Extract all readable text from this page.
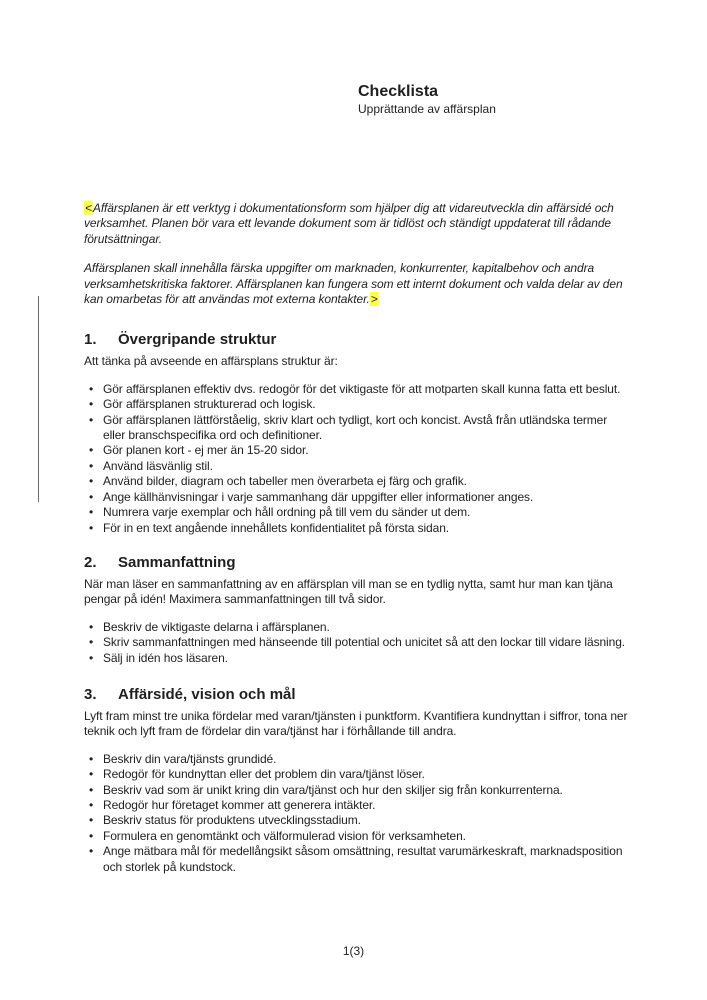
Checklista
Upprättande av affärsplan

<Affärsplanen är ett verktyg i dokumentationsform som hjälper dig att vidareutveckla din affärsidé och verksamhet. Planen bör vara ett levande dokument som är tidlöst och ständigt uppdaterat till rådande förutsättningar.

Affärsplanen skall innehålla färska uppgifter om marknaden, konkurrenter, kapitalbehov och andra verksamhetskritiska faktorer. Affärsplanen kan fungera som ett internt dokument och valda delar av den kan omarbetas för att användas mot externa kontakter.>

1. Övergripande struktur

Att tänka på avseende en affärsplans struktur är:

• Gör affärsplanen effektiv dvs. redogör för det viktigaste för att motparten skall kunna fatta ett beslut.
• Gör affärsplanen strukturerad och logisk.
• Gör affärsplanen lättförståelig, skriv klart och tydligt, kort och koncist. Avstå från utländska termer eller branschspecifika ord och definitioner.
• Gör planen kort - ej mer än 15-20 sidor.
• Använd läsvänlig stil.
• Använd bilder, diagram och tabeller men överarbeta ej färg och grafik.
• Ange källhänvisningar i varje sammanhang där uppgifter eller informationer anges.
• Numrera varje exemplar och håll ordning på till vem du sänder ut dem.
• För in en text angående innehållets konfidentialitet på första sidan.
2. Sammanfattning

När man läser en sammanfattning av en affärsplan vill man se en tydlig nytta, samt hur man kan tjäna pengar på idén! Maximera sammanfattningen till två sidor.

• Beskriv de viktigaste delarna i affärsplanen.
• Skriv sammanfattningen med hänseende till potential och unicitet så att den lockar till vidare läsning.
• Sälj in idén hos läsaren.
3. Affärsidé, vision och mål

Lyft fram minst tre unika fördelar med varan/tjänsten i punktform. Kvantifiera kundnyttan i siffror, tona ner teknik och lyft fram de fördelar din vara/tjänst har i förhållande till andra.

• Beskriv din vara/tjänsts grundidé.
• Redogör för kundnyttan eller det problem din vara/tjänst löser.
• Beskriv vad som är unikt kring din vara/tjänst och hur den skiljer sig från konkurrenterna.
• Redogör hur företaget kommer att generera intäkter.
• Beskriv status för produktens utvecklingsstadium.
• Formulera en genomtänkt och välformulerad vision för verksamheten.
• Ange mätbara mål för medellångsikt såsom omsättning, resultat varumärkeskraft, marknadsposition och storlek på kundstock.
1(3)
